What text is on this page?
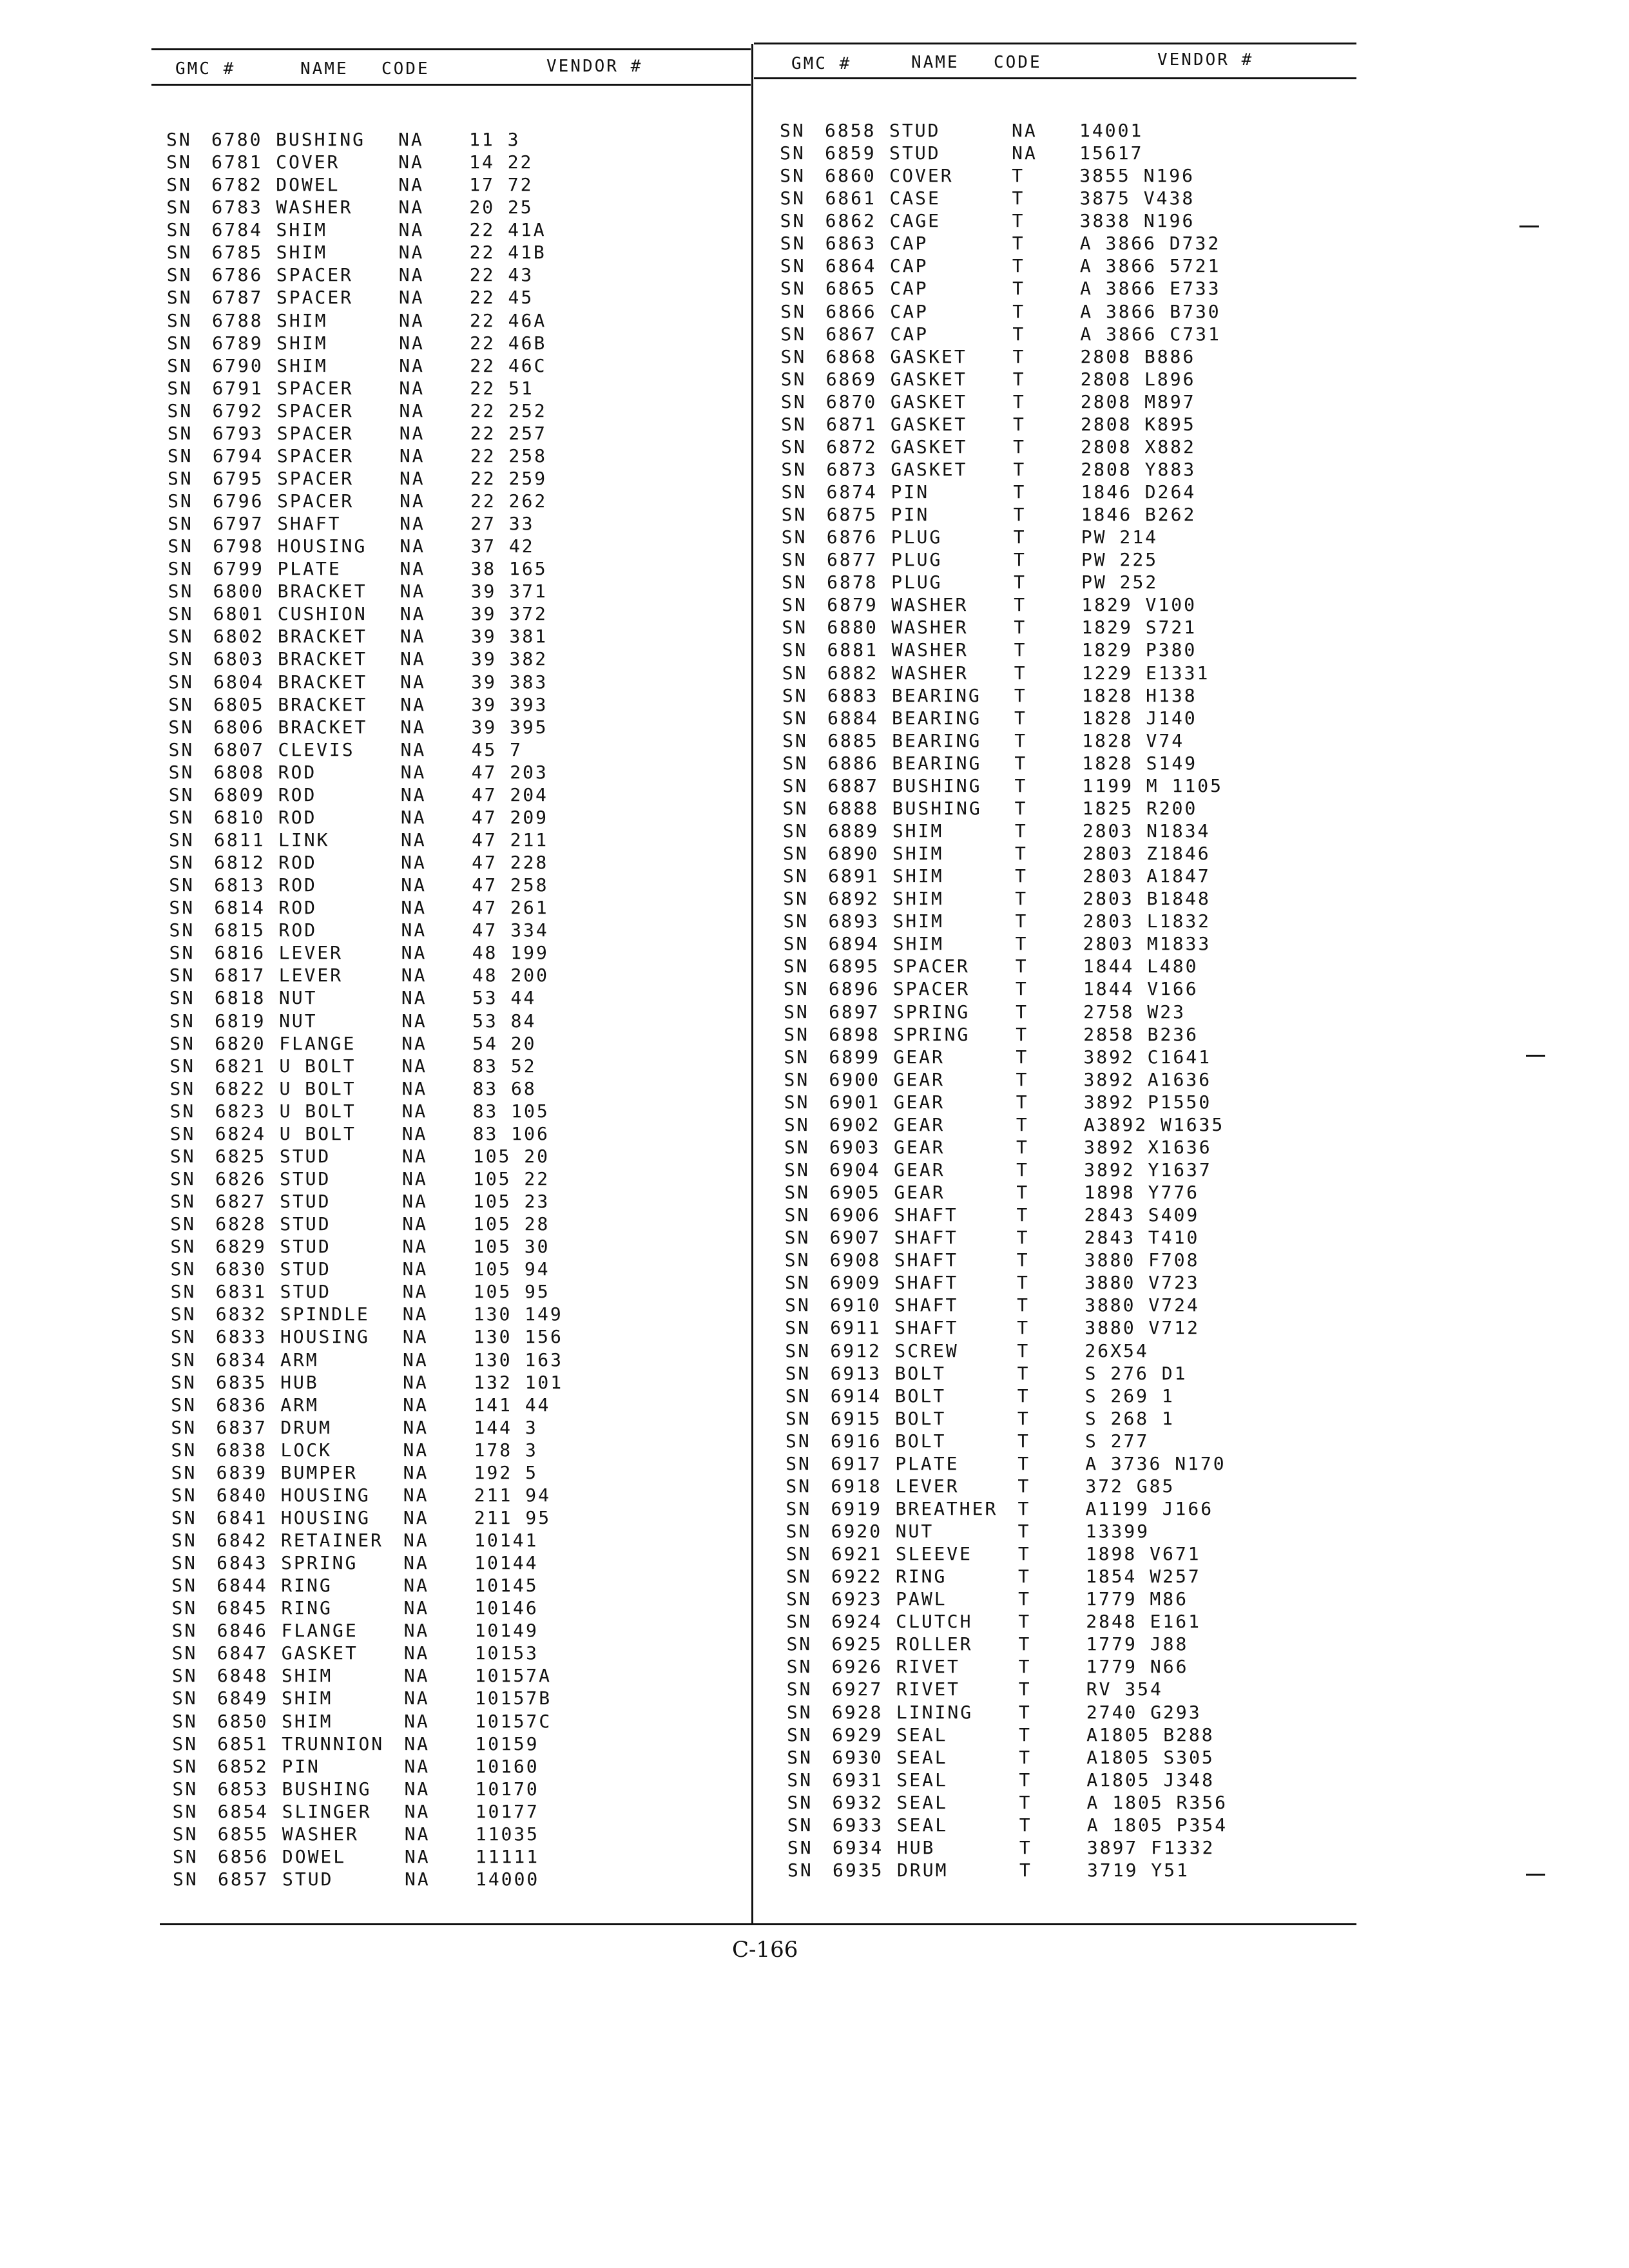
GMC #	NAME CODE	VENDOR #	GMC #	NAME CODE	VENDOR #
SN 6780 BUSHING NA	11 3
SN 6781 COVER	NA	14 22
SN 6782 DOWEL	NA	17 72
SN 6783 WASHER	NA	20 25
SN 6784 SHIM	NA	22 41A
SN 6785 SHIM	NA	22 41B
SN 6786 SPACER	NA	22 43
SN 6787 SPACER	NA	22 45
SN 6788 SHIM	NA	22 46A
SN 6789 SHIM	NA	22 46B
SN 6790 SHIM	NA	22 46C
SN 6791 SPACER	NA	22 51
SN 6792 SPACER	NA	22 252
SN 6793 SPACER	NA	22 257
SN 6794 SPACER	NA	22 258
SN 6795 SPACER	NA	22 259
SN 6796 SPACER	NA	22 262
SN 6797 SHAFT	NA	27 33
SN 6798 HOUSING NA	37 42
SN 6799 PLATE	NA	38 165
SN 6800 BRACKET NA	39 371
SN 6801 CUSHION NA	39 372
SN 6802 BRACKET NA	39 381
SN 6803 BRACKET NA	39 382
SN 6804 BRACKET NA	39 383
SN 6805 BRACKET NA	39 393
SN 6806 BRACKET NA	39 395
SN 6807 CLEVIS	NA	45 7
SN 6808 ROD	NA	47 203
SN 6809 ROD	NA	47 204
SN 6810 ROD	NA	47 209
SN 6811 LINK	NA	47 211
SN 6812 ROD	NA	47 228
SN 6813 ROD	NA	47 258
SN 6814 ROD	NA	47 261
SN 6815 ROD	NA	47 334
SN 6816 LEVER	NA	48 199
SN 6817 LEVER	NA	48 200
SN 6818 NUT	NA	53 44
SN 6819 NUT	NA	53 84
SN 6820 FLANGE	NA	54 20
SN 6821 U BOLT	NA	83 52
SN 6822 U BOLT	NA	83 68
SN 6823 U BOLT	NA	83 105
SN 6824 U BOLT	NA	83 106
SN 6825 STUD	NA	105 20
SN 6826 STUD	NA	105 22
SN 6827 STUD	NA	105 23
SN 6828 STUD	NA	105 28
SN 6829 STUD	NA	105 30
SN 6830 STUD	NA	105 94
SN 6831 STUD	NA	105 95
SN 6832 SPINDLE NA	130 149
SN 6833 HOUSING NA	130 156
SN 6834 ARM	NA	130 163
SN 6835 HUB	NA	132 101
SN 6836 ARM	NA	141 44
SN 6837 DRUM	NA	144 3
SN 6838 LOCK	NA	178 3
SN 6839 BUMPER	NA	192 5
SN 6840 HOUSING NA	211 94
SN 6841 HOUSING NA	211 95
SN 6842 RETAINER NA	10141
SN 6843 SPRING	NA	10144
SN 6844 RING	NA	10145
SN 6845 RING	NA	10146
SN 6846 FLANGE	NA	10149
SN 6847 GASKET	NA	10153
SN 6848 SHIM	NA	10157A
SN 6849 SHIM	NA	10157B
SN 6850 SHIM	NA	10157C
SN 6851 TRUNNION NA	10159
SN 6852 PIN	NA	10160
SN 6853 BUSHING NA	10170
SN 6854 SLINGER NA	10177
SN 6855 WASHER	NA	11035
SN 6856 DOWEL	NA	11111
SN 6857 STUD	NA	14000
SN 6858 STUD	NA 14001
SN 6859 STUD	NA 15617
SN 6860 COVER	T	3855 N196
SN 6861 CASE	T	3875 V438
SN 6862 CAGE	T	3838 N196
SN 6863 CAP	T	A 3866 D732
SN 6864 CAP	T	A 3866 5721
SN 6865 CAP	T	A 3866 E733
SN 6866 CAP	T	A 3866 B730
SN 6867 CAP	T	A 3866 C731
SN 6868 GASKET	T	2808 B886
SN 6869 GASKET	T	2808 L896
SN 6870 GASKET	T	2808 M897
SN 6871 GASKET	T	2808 K895
SN 6872 GASKET	T	2808 X882
SN 6873 GASKET	T	2808 Y883
SN 6874 PIN	T	1846 D264
SN 6875 PIN	T	1846 B262
SN 6876 PLUG	T	PW 214
SN 6877 PLUG	T	PW 225
SN 6878 PLUG	T	PW 252
SN 6879 WASHER	T	1829 V100
SN 6880 WASHER	T	1829 S721
SN 6881 WASHER	T	1829 P380
SN 6882 WASHER	T	1229 E1331
SN 6883 BEARING T	1828 H138
SN 6884 BEARING T	1828 J140
SN 6885 BEARING T	1828 V74
SN 6886 BEARING T	1828 S149
SN 6887 BUSHING T	1199 M 1105
SN 6888 BUSHING T	1825 R200
SN 6889 SHIM	T	2803 N1834
SN 6890 SHIM	T	2803 Z1846
SN 6891 SHIM	T	2803 A1847
SN 6892 SHIM	T	2803 B1848
SN 6893 SHIM	T	2803 L1832
SN 6894 SHIM	T	2803 M1833
SN 6895 SPACER	T	1844 L480
SN 6896 SPACER	T	1844 V166
SN 6897 SPRING	T	2758 W23
SN 6898 SPRING	T	2858 B236
SN 6899 GEAR	T	3892 C1641
SN 6900 GEAR	T	3892 A1636
SN 6901 GEAR	T	3892 P1550
SN 6902 GEAR	T	A3892 W1635
SN 6903 GEAR	T	3892 X1636
SN 6904 GEAR	T	3892 Y1637
SN 6905 GEAR	T	1898 Y776
SN 6906 SHAFT	T	2843 S409
SN 6907 SHAFT	T	2843 T410
SN 6908 SHAFT	T	3880 F708
SN 6909 SHAFT	T	3880 V723
SN 6910 SHAFT	T	3880 V724
SN 6911 SHAFT	T	3880 V712
SN 6912 SCREW	T	26X54
SN 6913 BOLT	T	S 276 D1
SN 6914 BOLT	T	S 269 1
SN 6915 BOLT	T	S 268 1
SN 6916 BOLT	T	S 277
SN 6917 PLATE	T	A 3736 N170
SN 6918 LEVER	T	372 G85
SN 6919 BREATHER T	A1199 J166
SN 6920 NUT	T	13399
SN 6921 SLEEVE	T	1898 V671
SN 6922 RING	T	1854 W257
SN 6923 PAWL	T	1779 M86
SN 6924 CLUTCH	T	2848 E161
SN 6925 ROLLER	T	1779 J88
SN 6926 RIVET	T	1779 N66
SN 6927 RIVET	T	RV 354
SN 6928 LINING	T	2740 G293
SN 6929 SEAL	T	A1805 B288
SN 6930 SEAL	T	A1805 S305
SN 6931 SEAL	T	A1805 J348
SN 6932 SEAL	T	A 1805 R356
SN 6933 SEAL	T	A 1805 P354
SN 6934 HUB	T	3897 F1332
SN 6935 DRUM	T	3719 Y51
C-166
